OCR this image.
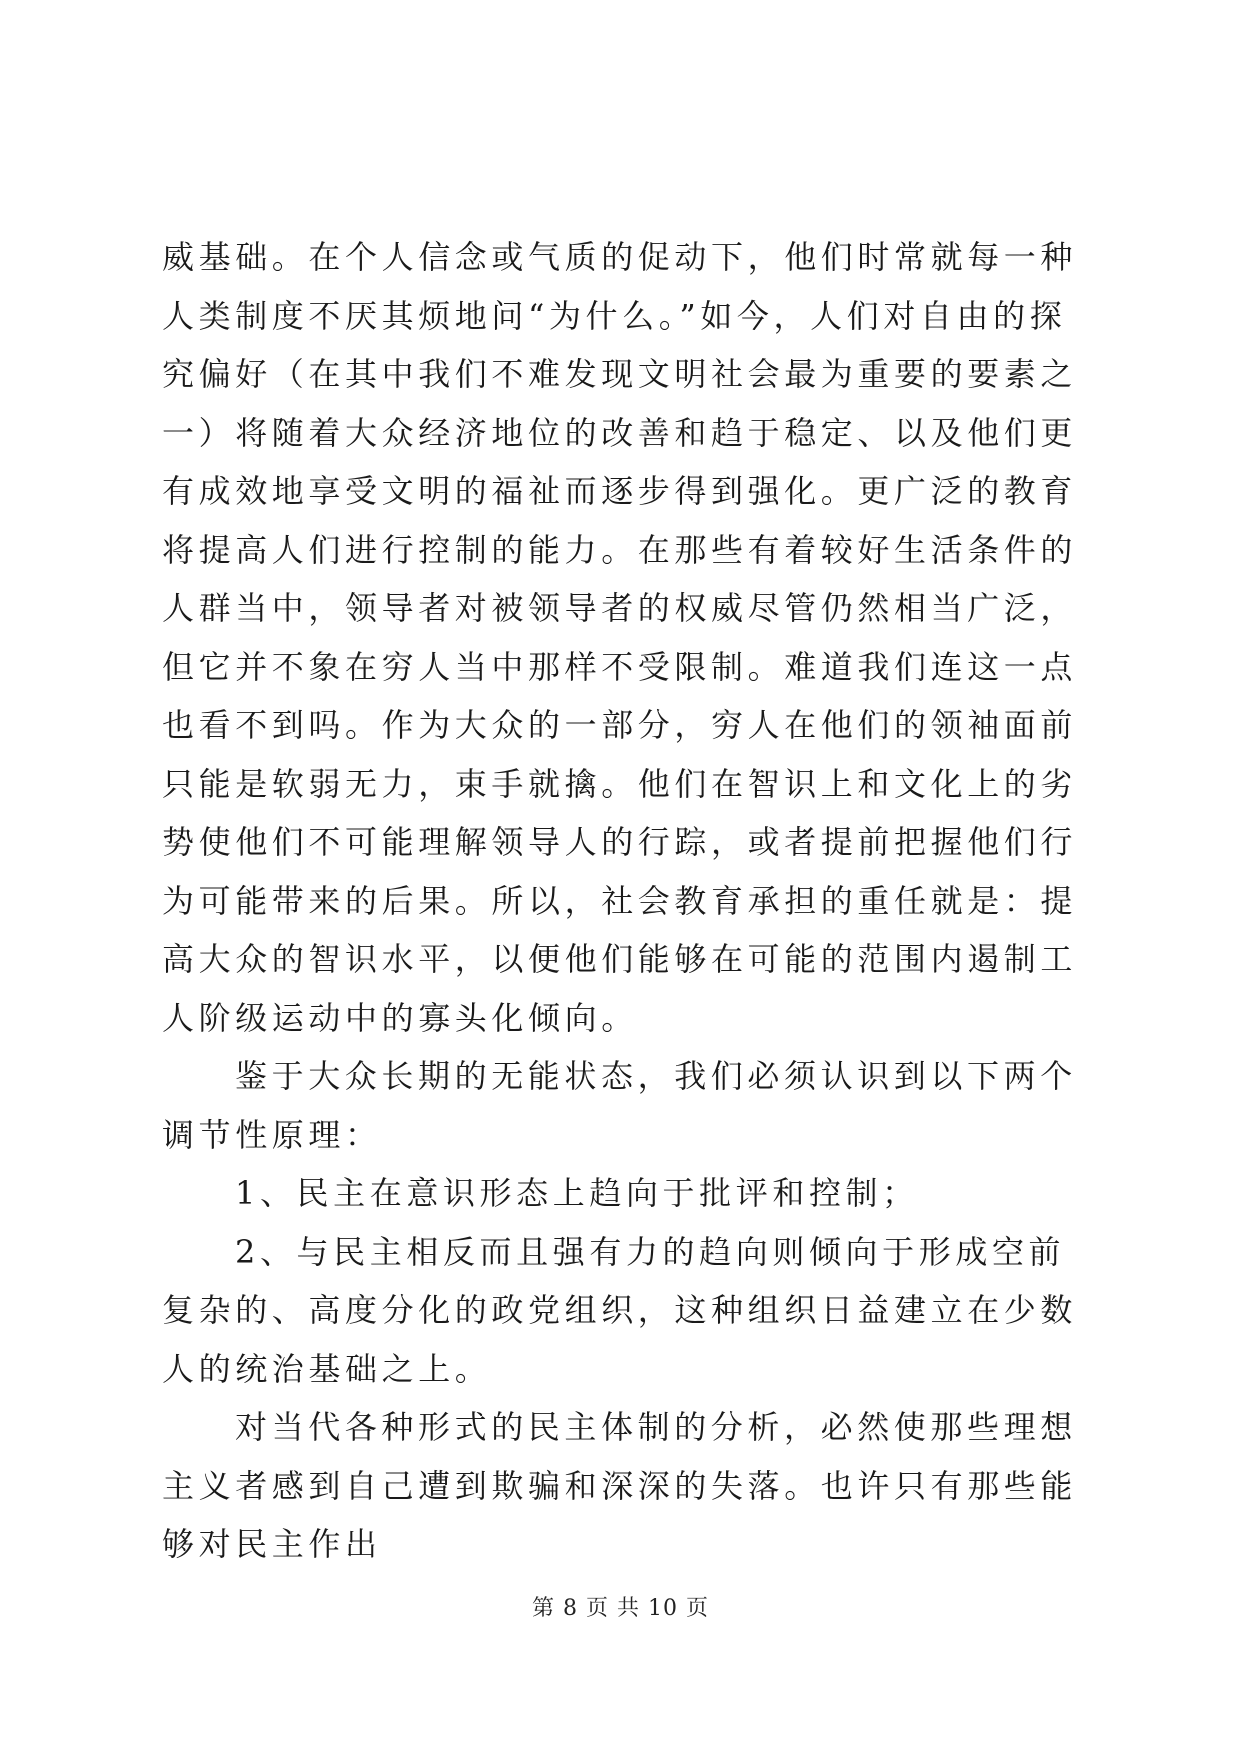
威基础。在个人信念或气质的促动下，他们时常就每一种人类制度不厌其烦地问“为什么。”如今，人们对自由的探究偏好（在其中我们不难发现文明社会最为重要的要素之一）将随着大众经济地位的改善和趋于稳定、以及他们更有成效地享受文明的福祉而逐步得到强化。更广泛的教育将提高人们进行控制的能力。在那些有着较好生活条件的人群当中，领导者对被领导者的权威尽管仍然相当广泛，但它并不象在穷人当中那样不受限制。难道我们连这一点也看不到吗。作为大众的一部分，穷人在他们的领袖面前只能是软弱无力，束手就擒。他们在智识上和文化上的劣势使他们不可能理解领导人的行踪，或者提前把握他们行为可能带来的后果。所以，社会教育承担的重任就是：提高大众的智识水平，以便他们能够在可能的范围内遏制工人阶级运动中的寡头化倾向。

鉴于大众长期的无能状态，我们必须认识到以下两个调节性原理：

1、民主在意识形态上趋向于批评和控制；

2、与民主相反而且强有力的趋向则倾向于形成空前复杂的、高度分化的政党组织，这种组织日益建立在少数人的统治基础之上。

对当代各种形式的民主体制的分析，必然使那些理想主义者感到自己遭到欺骗和深深的失落。也许只有那些能够对民主作出

第 8 页 共 10 页
